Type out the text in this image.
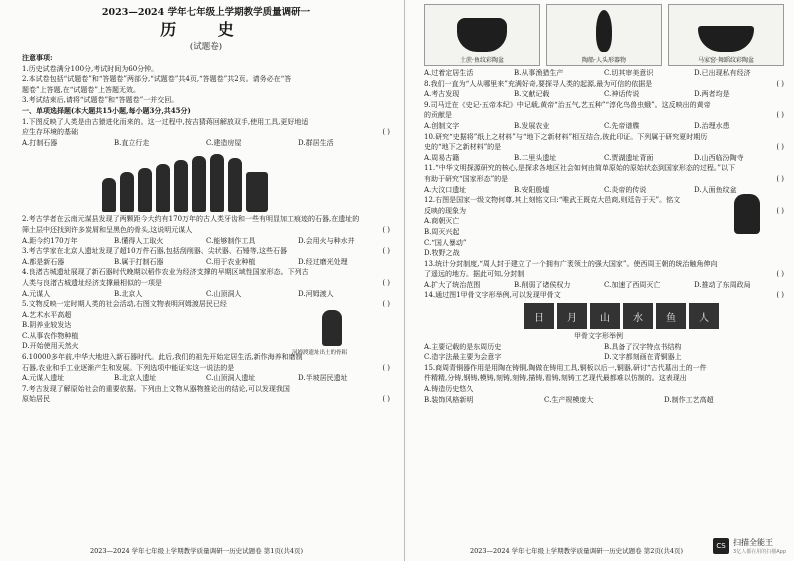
2023—2024 学年七年级上学期教学质量调研一
历 史
(试题卷)
注意事项:
1.历史试卷满分100分,考试时间为60分钟。
2.本试卷包括“试题卷”和“答题卷”两部分,“试题卷”共4页,“答题卷”共2页。请务必在“答
题卷”上答题,在“试题卷”上答题无效。
3.考试结束后,请将“试题卷”和“答题卷”一并交回。
一、单项选择题(本大题共15小题,每小题3分,共45分)
1.下图反映了人类是由古猿进化而来的。这一过程中,按吉猜蒋回解放双手,使用工具,更好地适
应生存环境的基础	( )
A.打制石器	B.直立行走	C.建造房屋	D.群居生活
2.考古学者在云南元谋县发现了两颗距今大约有170万年的古人类牙齿和一些有明显加工痕迹的石器,在遗址的
筛土层中还找到许多炭屑和呈黑色的骨头,这说明元谋人	( )
A.距今约170万年	B.懂得人工取火	C.能够制作工具	D.会用火与种水井
3.考古学家在北京人遗址发现了超10万件石器,包括刮削器、尖状器、石锤等,这些石器	( )
A.都是新石器	B.属于打制石器	C.用于农业种植	D.经过磨光处理
4.良渚古城遗址展现了新石器时代晚期以稻作农业为经济支撑的早期区域性国家形态。下列古
人类与良渚古城遗址经济支撑最相似的一项是	( )
A.元谋人	B.北京人	C.山顶洞人	D.河姆渡人
5.文物反映一定时期人类的社会活动,右图文物表明河姆渡居民已经	( )
A.艺术水平高超
B.阴养业较发达
C.从事农作物种植
D.开始使用天然火
河姆渡遗址出土的骨耜
6.10000多年前,中华大地进入新石器时代。此后,我们的祖先开始定居生活,新作海养和磨制
石器,农业和手工业逐渐产生和发展。下列选项中能证实这一说法的是	( )
A.元谋人遗址	B.北京人遗址	C.山顶洞人遗址	D.半坡居民遗址
7.考古发现了解原始社会的重要依据。下列由上文物从器物推论出的结论,可以发现我国
原始居民	( )
2023—2024 学年七年级上学期教学质量调研一历史试题卷 第1页(共4页)
土蔗·鱼纹彩陶盆	陶船·人头形器物	马家窑·舞蹈纹彩陶盆
A.过着定居生活	B.从事渔猎生产	C.切其审美意识	D.已出现私有经济
8.我们一直为“人从哪里来”充满好奇,要探寻人类的起源,最为可信的依据是	( )
A.考古发现	B.文献记载	C.神话传说	D.两者均是
9.司马迁在《史记·五帝本纪》中记载,黄帝“治五气,艺五种”“淳化鸟兽虫蛾”。这反映出的黄帝
的贡献是	( )
A.创制文字	B.发展农业	C.先帝谱牒	D.治理水患
10.研究“史据将”纸上之材料”与“地下之新材料”相互结合,彼此印证。下列属于研究夏时期历
史的“地下之新材料”的是	( )
A.周易古籍	B.二里头遗址	C.贾湖遗址背面	D.山西临汾陶寺
11.“中华文明探源研究的核心,是探求各地区社会如何由简单原始的原始状态到国家形态的过程。”以下
有助于研究“国家形态”的是	( )
A.大汶口遗址	B.安阳殷墟	C.炎帝的传说	D.人面鱼纹盆
12.右图是国家一级文物何尊,其上刻铭文曰:“唯武王既克大邑商,则廷告于天”。铭文
反映的现象为	( )
A.商朝灭亡
B.周灭兴起
C.“国人暴动”
D.牧野之战
13.统计分封制度,“周人封于建立了一个拥有广袤领土的强大国家”。使西周王朝的统治触角伸向
了遥远的地方。据此可知,分封制	( )
A.扩大了统治范围	B.削弱了诸侯权力	C.加速了西周灭亡	D.推动了东周政局
14.通过图1甲骨文字形举例,可以发现甲骨文	( )
日	月	山	水	鱼	人
甲骨文字形举例
A.主要记载的是东周历史	B.具备了汉字特点书结构
C.造字法最主要为会意字	D.文字都刻画在青铜器上
15.商周青铜器作用是用陶在铸铜,陶做在铸用工具,铜板以后一,铜器,研讨“古代墓出土的一件
件精精,分铸,钢铸,模铸,刻铸,刻铸,描铸,看铸,刻铸工艺现代最都难以仿制的。这表现出
A.铸造历史悠久
B.装饰风格新明	C.生产规模庞大	D.制作工艺高超
2023—2024 学年七年级上学期教学质量调研一历史试题卷 第2页(共4页)
CS 扫描全能王
3亿人都在用的扫描App
